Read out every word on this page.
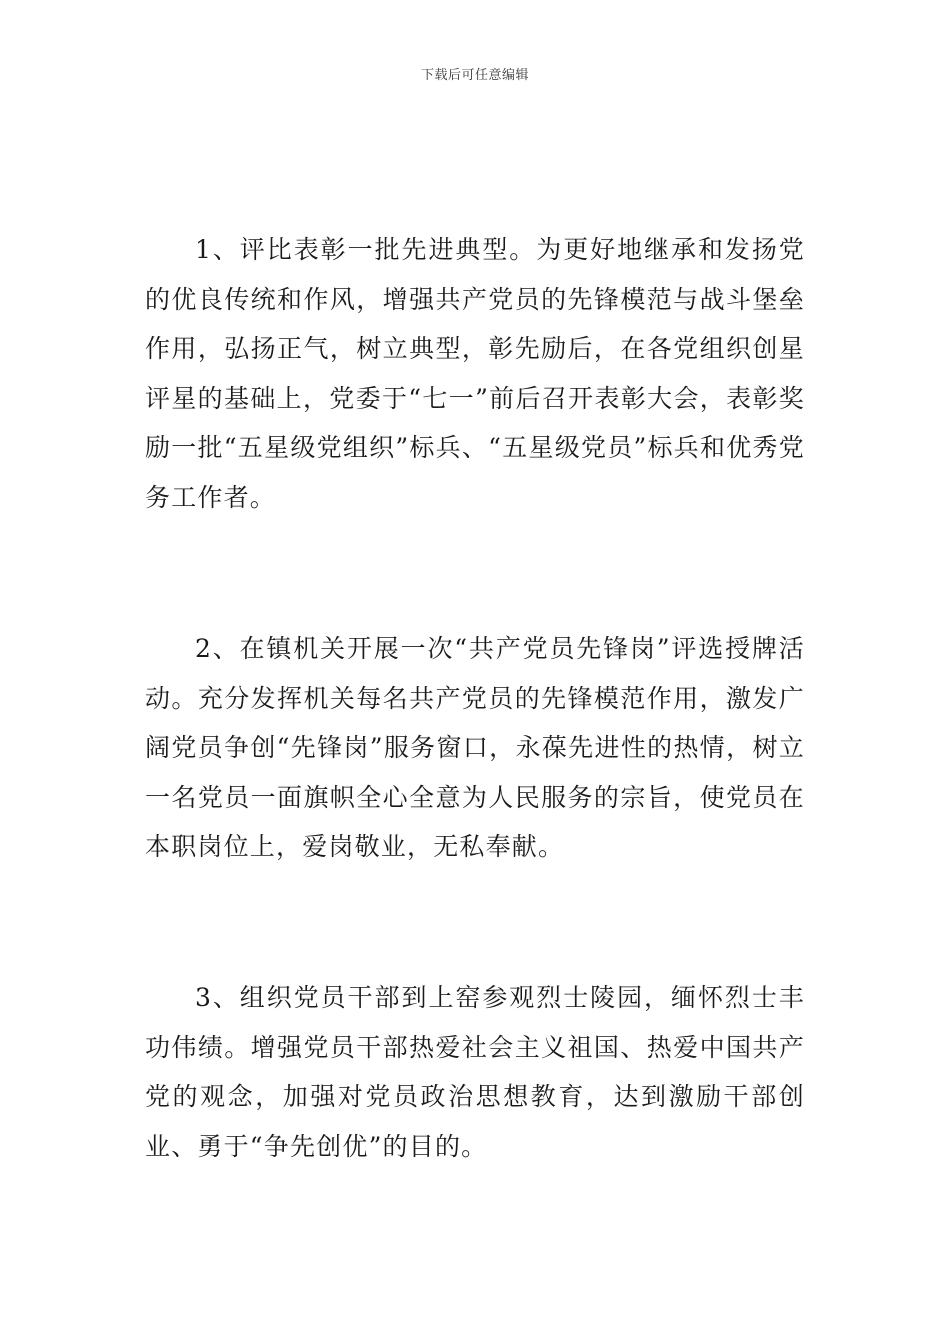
下载后可任意编辑

1、评比表彰一批先进典型。为更好地继承和发扬党的优良传统和作风，增强共产党员的先锋模范与战斗堡垒作用，弘扬正气，树立典型，彰先励后，在各党组织创星评星的基础上，党委于“七一”前后召开表彰大会，表彰奖励一批“五星级党组织”标兵、“五星级党员”标兵和优秀党务工作者。

2、在镇机关开展一次“共产党员先锋岗”评选授牌活动。充分发挥机关每名共产党员的先锋模范作用，激发广阔党员争创“先锋岗”服务窗口，永葆先进性的热情，树立一名党员一面旗帜全心全意为人民服务的宗旨，使党员在本职岗位上，爱岗敬业，无私奉献。

3、组织党员干部到上窑参观烈士陵园，缅怀烈士丰功伟绩。增强党员干部热爱社会主义祖国、热爱中国共产党的观念，加强对党员政治思想教育，达到激励干部创业、勇于“争先创优”的目的。
